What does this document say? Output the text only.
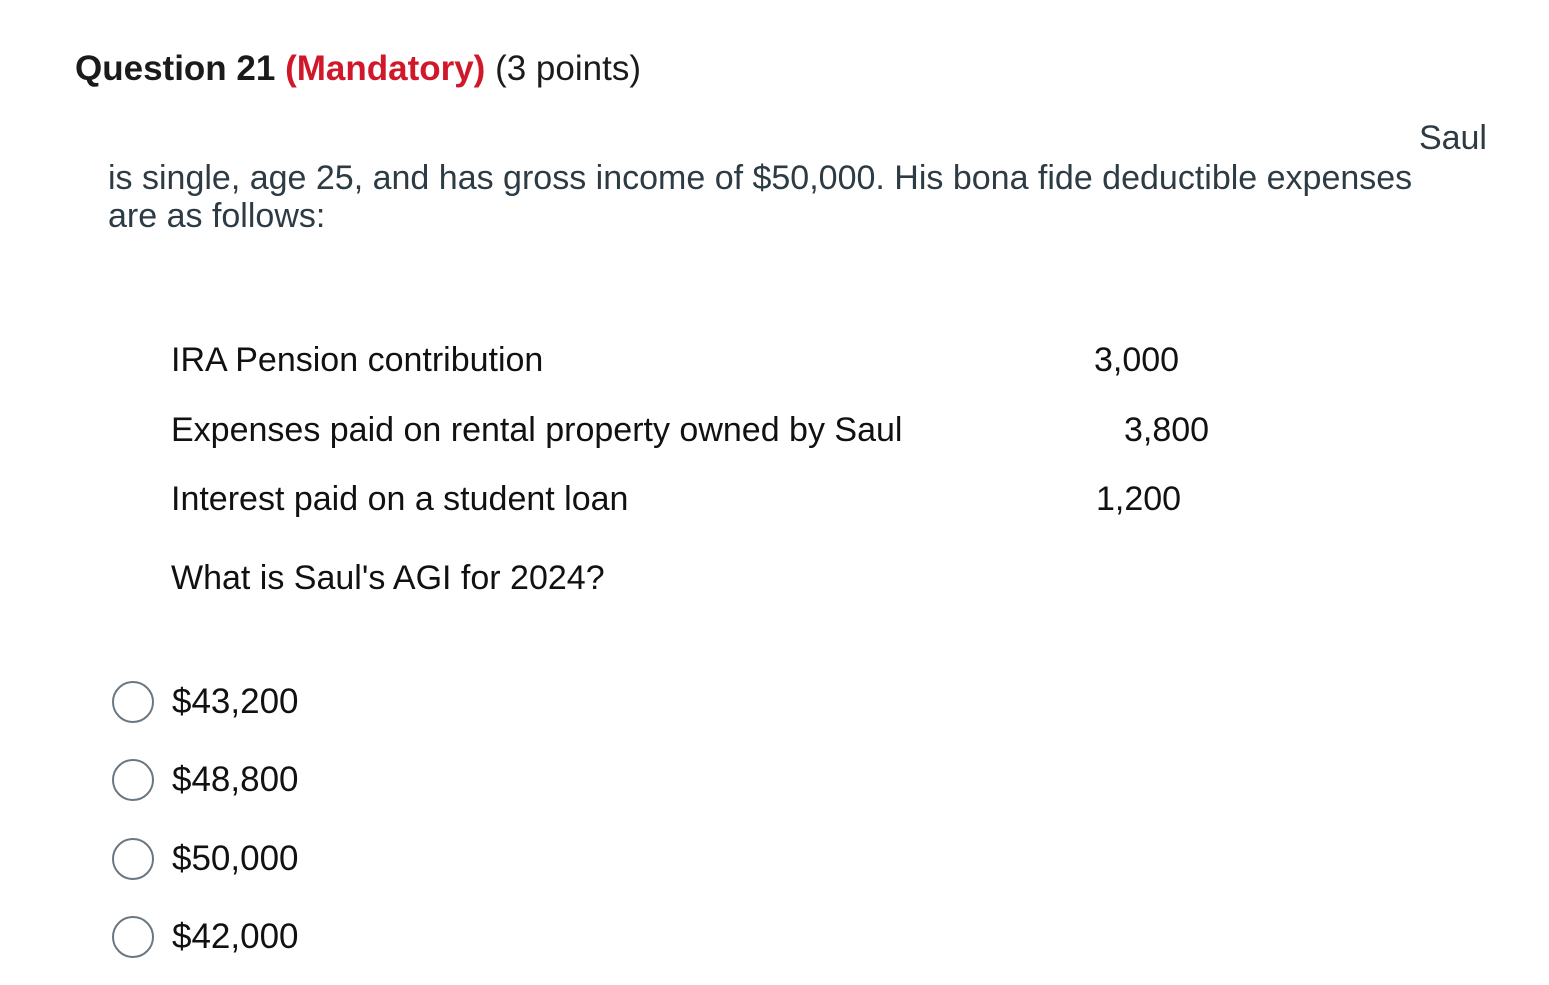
Question 21 (Mandatory) (3 points)
Saul
is single, age 25, and has gross income of $50,000. His bona fide deductible expenses
are as follows:
IRA Pension contribution	3,000
Expenses paid on rental property owned by Saul	3,800
Interest paid on a student loan	1,200
What is Saul's AGI for 2024?
$43,200
$48,800
$50,000
$42,000
